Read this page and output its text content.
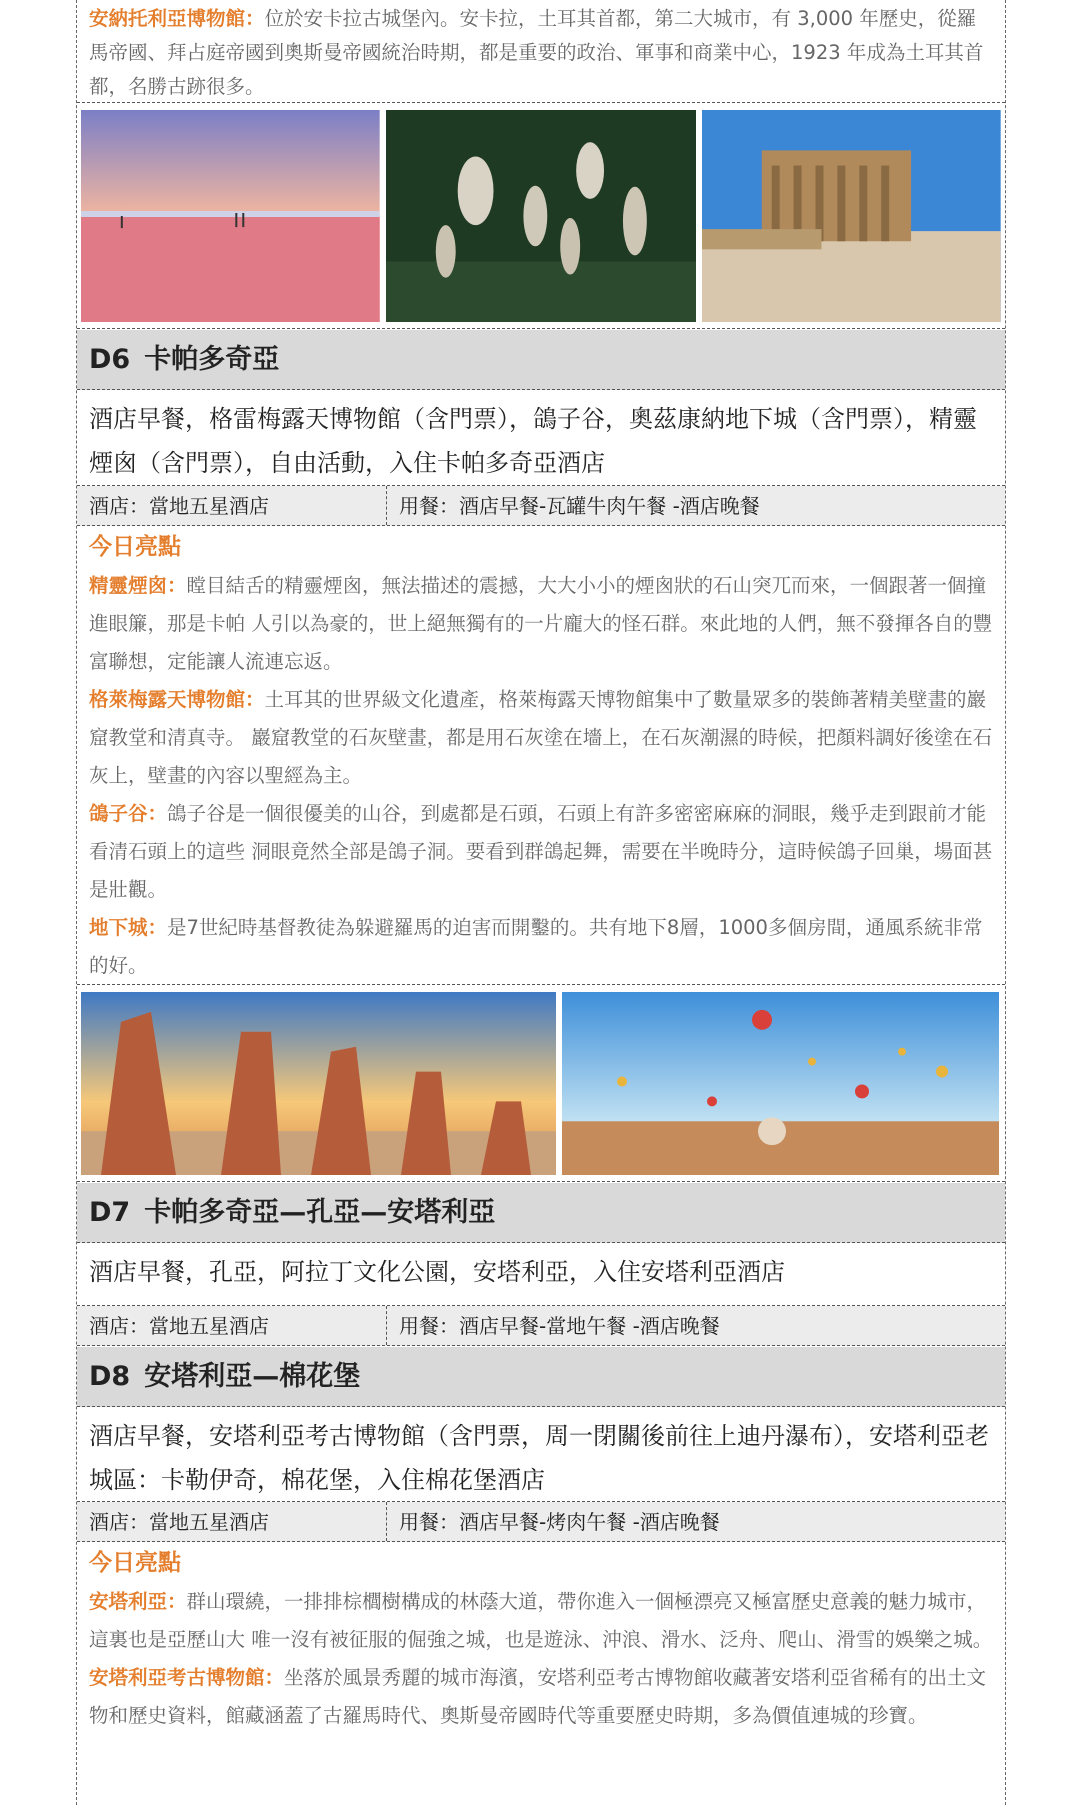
安納托利亞博物館：位於安卡拉古城堡內。安卡拉，土耳其首都，第二大城市，有 3,000 年歷史，從羅馬帝國、拜占庭帝國到奧斯曼帝國統治時期，都是重要的政治、軍事和商業中心，1923 年成為土耳其首都，名勝古跡很多。

D6 卡帕多奇亞
酒店早餐，格雷梅露天博物館（含門票），鴿子谷，奧茲康納地下城（含門票），精靈煙囪（含門票），自由活動，入住卡帕多奇亞酒店
酒店：當地五星酒店	用餐：酒店早餐-瓦罐牛肉午餐 -酒店晚餐
今日亮點

精靈煙囪：瞠目結舌的精靈煙囪，無法描述的震撼，大大小小的煙囪狀的石山突兀而來，一個跟著一個撞進眼簾，那是卡帕 人引以為豪的，世上絕無獨有的一片龐大的怪石群。來此地的人們，無不發揮各自的豐富聯想，定能讓人流連忘返。

格萊梅露天博物館：土耳其的世界級文化遺產，格萊梅露天博物館集中了數量眾多的裝飾著精美壁畫的巖窟教堂和清真寺。 巖窟教堂的石灰壁畫，都是用石灰塗在墻上，在石灰潮濕的時候，把顏料調好後塗在石灰上，壁畫的內容以聖經為主。

鴿子谷：鴿子谷是一個很優美的山谷，到處都是石頭，石頭上有許多密密麻麻的洞眼，幾乎走到跟前才能看清石頭上的這些 洞眼竟然全部是鴿子洞。要看到群鴿起舞，需要在半晚時分，這時候鴿子回巢，場面甚是壯觀。

地下城：是7世紀時基督教徒為躲避羅馬的迫害而開鑿的。共有地下8層，1000多個房間，通風系統非常的好。

D7 卡帕多奇亞—孔亞—安塔利亞
酒店早餐，孔亞，阿拉丁文化公園，安塔利亞，入住安塔利亞酒店
酒店：當地五星酒店	用餐：酒店早餐-當地午餐 -酒店晚餐
D8 安塔利亞—棉花堡
酒店早餐，安塔利亞考古博物館（含門票，周一閉關後前往上迪丹瀑布），安塔利亞老城區：卡勒伊奇，棉花堡，入住棉花堡酒店
酒店：當地五星酒店	用餐：酒店早餐-烤肉午餐 -酒店晚餐
今日亮點

安塔利亞：群山環繞，一排排棕櫚樹構成的林蔭大道，帶你進入一個極漂亮又極富歷史意義的魅力城市，這裏也是亞歷山大 唯一沒有被征服的倔強之城，也是遊泳、沖浪、滑水、泛舟、爬山、滑雪的娛樂之城。

安塔利亞考古博物館：坐落於風景秀麗的城市海濱，安塔利亞考古博物館收藏著安塔利亞省稀有的出土文物和歷史資料，館藏涵蓋了古羅馬時代、奧斯曼帝國時代等重要歷史時期，多為價值連城的珍寶。
